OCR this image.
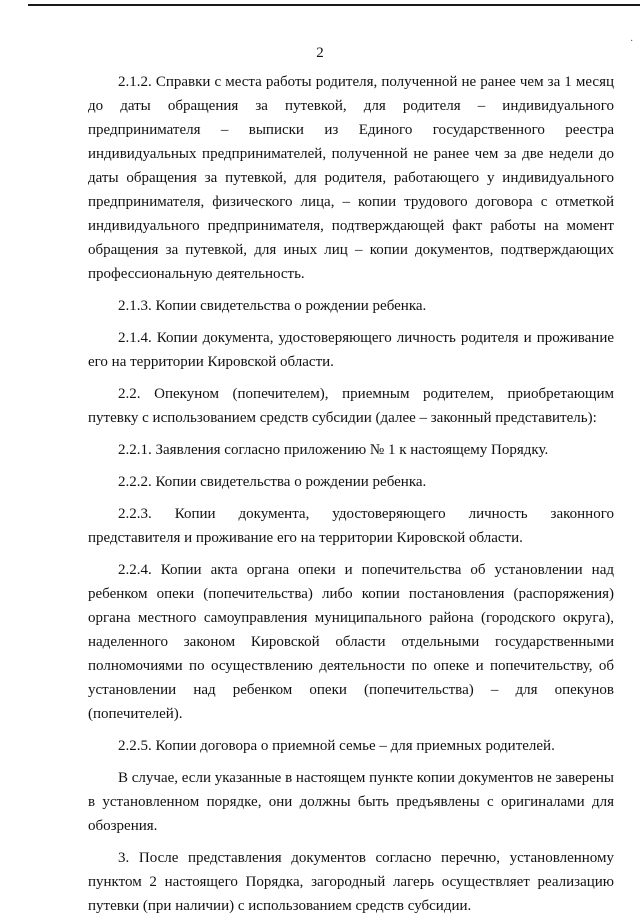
·
2

2.1.2. Справки с места работы родителя, полученной не ранее чем за 1 месяц до даты обращения за путевкой, для родителя – индивидуального предпринимателя – выписки из Единого государственного реестра индивидуальных предпринимателей, полученной не ранее чем за две недели до даты обращения за путевкой, для родителя, работающего у индивидуального предпринимателя, физического лица, – копии трудового договора с отметкой индивидуального предпринимателя, подтверждающей факт работы на момент обращения за путевкой, для иных лиц – копии документов, подтверждающих профессиональную деятельность.

2.1.3. Копии свидетельства о рождении ребенка.

2.1.4. Копии документа, удостоверяющего личность родителя и проживание его на территории Кировской области.

2.2. Опекуном (попечителем), приемным родителем, приобретающим путевку с использованием средств субсидии (далее – законный представитель):

2.2.1. Заявления согласно приложению № 1 к настоящему Порядку.

2.2.2. Копии свидетельства о рождении ребенка.

2.2.3. Копии документа, удостоверяющего личность законного представителя и проживание его на территории Кировской области.

2.2.4. Копии акта органа опеки и попечительства об установлении над ребенком опеки (попечительства) либо копии постановления (распоряжения) органа местного самоуправления муниципального района (городского округа), наделенного законом Кировской области отдельными государственными полномочиями по осуществлению деятельности по опеке и попечительству, об установлении над ребенком опеки (попечительства) – для опекунов (попечителей).

2.2.5. Копии договора о приемной семье – для приемных родителей.

В случае, если указанные в настоящем пункте копии документов не заверены в установленном порядке, они должны быть предъявлены с оригиналами для обозрения.

3. После представления документов согласно перечню, установленному пунктом 2 настоящего Порядка, загородный лагерь осуществляет реализацию путевки (при наличии) с использованием средств субсидии.
